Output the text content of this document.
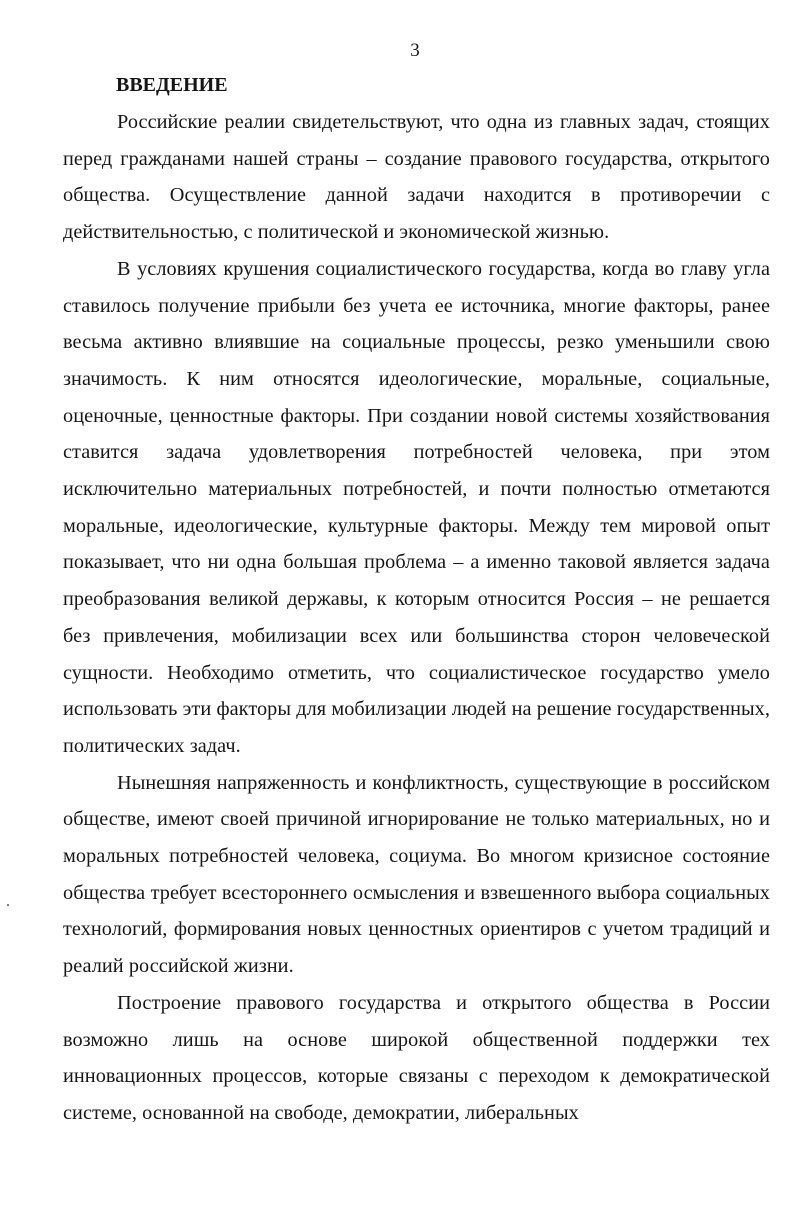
3
ВВЕДЕНИЕ

Российские реалии свидетельствуют, что одна из главных задач, стоящих перед гражданами нашей страны – создание правового государства, открытого общества. Осуществление данной задачи находится в противоречии с действительностью, с политической и экономической жизнью.

В условиях крушения социалистического государства, когда во главу угла ставилось получение прибыли без учета ее источника, многие факторы, ранее весьма активно влиявшие на социальные процессы, резко уменьшили свою значимость. К ним относятся идеологические, моральные, социальные, оценочные, ценностные факторы. При создании новой системы хозяйствования ставится задача удовлетворения потребностей человека, при этом исключительно материальных потребностей, и почти полностью отметаются моральные, идеологические, культурные факторы. Между тем мировой опыт показывает, что ни одна большая проблема – а именно таковой является задача преобразования великой державы, к которым относится Россия – не решается без привлечения, мобилизации всех или большинства сторон человеческой сущности. Необходимо отметить, что социалистическое государство умело использовать эти факторы для мобилизации людей на решение государственных, политических задач.

Нынешняя напряженность и конфликтность, существующие в российском обществе, имеют своей причиной игнорирование не только материальных, но и моральных потребностей человека, социума. Во многом кризисное состояние общества требует всестороннего осмысления и взвешенного выбора социальных технологий, формирования новых ценностных ориентиров с учетом традиций и реалий российской жизни.

Построение правового государства и открытого общества в России возможно лишь на основе широкой общественной поддержки тех инновационных процессов, которые связаны с переходом к демократической системе, основанной на свободе, демократии, либеральных
